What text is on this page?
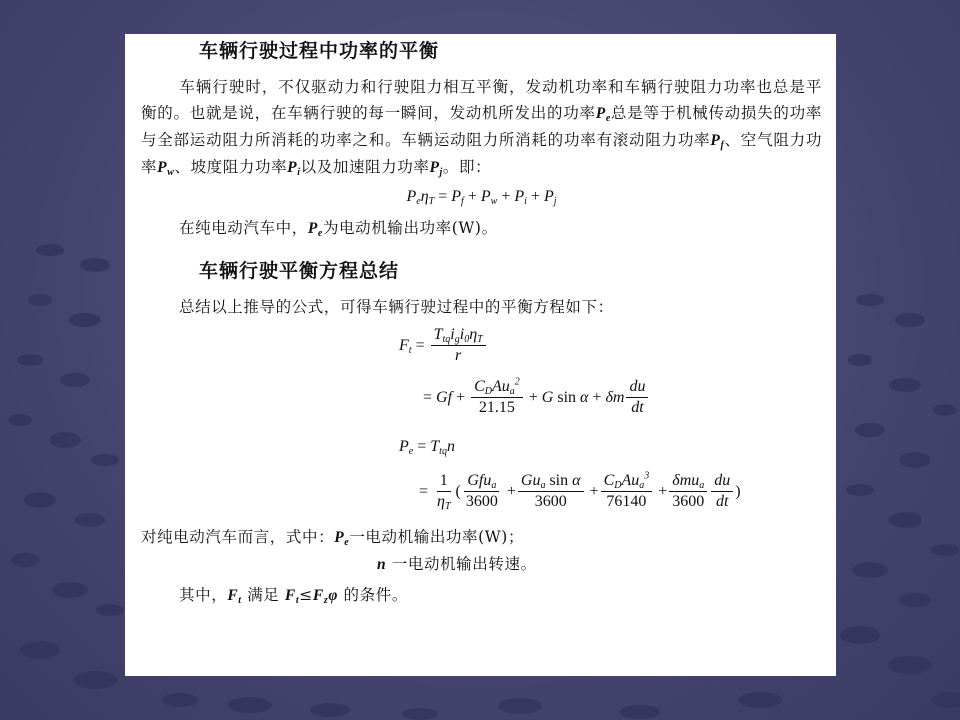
车辆行驶过程中功率的平衡

车辆行驶时，不仅驱动力和行驶阻力相互平衡，发动机功率和车辆行驶阻力功率也总是平衡的。也就是说，在车辆行驶的每一瞬间，发动机所发出的功率$P_e$总是等于机械传动损失的功率与全部运动阻力所消耗的功率之和。车辆运动阻力所消耗的功率有滚动阻力功率$P_f$、空气阻力功率$P_w$、坡度阻力功率$P_i$以及加速阻力功率$P_j$。即：

$P_e\eta_T = P_f + P_w + P_i + P_j$

在纯电动汽车中，$P_e$为电动机输出功率(W)。

车辆行驶平衡方程总结

总结以上推导的公式，可得车辆行驶过程中的平衡方程如下：

$F_t = \frac{T_{tq}i_gi_0\eta_T}{r}$
= $Gf + \frac{C_DAu_a^2}{21.15} + G$ sin α + δm $\frac{du}{dt}$
$P_e = T_{tq}n$
= $\frac{1}{\eta_T}$ ( $\frac{Gfu_a}{3600} + \frac{Gu_a \sin \alpha}{3600} + \frac{C_DAu_a^3}{76140} + \frac{\delta mu_a}{3600} \frac{du}{dt}$ )

对纯电动汽车而言，式中：$P_e$一电动机输出功率(W)；

n 一电动机输出转速。

其中，$F_t$ 满足 $F_t\le F_z\varphi$ 的条件。
